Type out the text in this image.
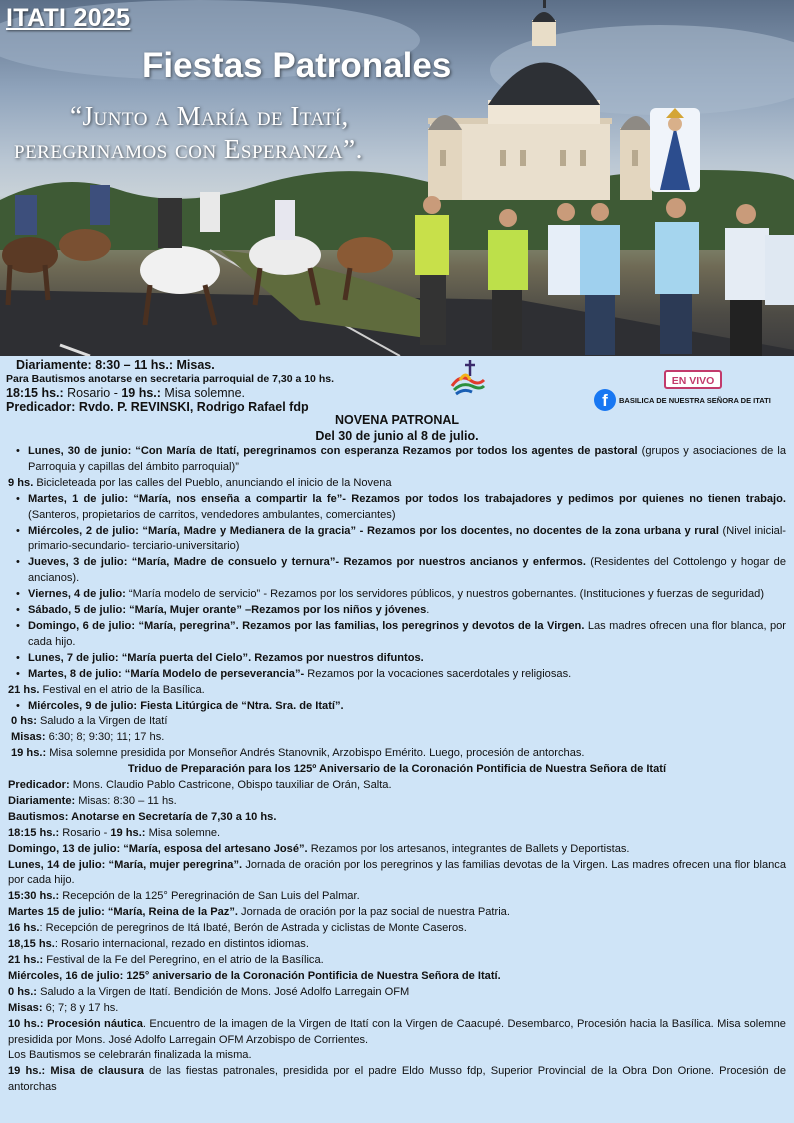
ITATI 2025
Fiestas Patronales

“Junto a María de Itatí,
peregrinamos con Esperanza”.

Diariamente: 8:30 – 11 hs.: Misas.
Para Bautismos anotarse en secretaria parroquial de 7,30 a 10 hs.
18:15 hs.: Rosario - 19 hs.: Misa solemne.
Predicador: Rvdo. P. REVINSKI, Rodrigo Rafael fdp
EN VIVO
f	BASILICA DE NUESTRA SEÑORA DE ITATI

NOVENA PATRONAL

Del 30 de junio al 8 de julio.

• Lunes, 30 de junio: “Con María de Itatí, peregrinamos con esperanza Rezamos por todos los agentes de pastoral (grupos y asociaciones de la Parroquia y capillas del ámbito parroquial)”

9 hs. Bicicleteada por las calles del Pueblo, anunciando el inicio de la Novena

• Martes, 1 de julio: “María, nos enseña a compartir la fe”- Rezamos por todos los trabajadores y pedimos por quienes no tienen trabajo. (Santeros, propietarios de carritos, vendedores ambulantes, comerciantes)

• Miércoles, 2 de julio: “María, Madre y Medianera de la gracia” - Rezamos por los docentes, no docentes de la zona urbana y rural (Nivel inicial-primario-secundario- terciario-universitario)

• Jueves, 3 de julio: “María, Madre de consuelo y ternura”- Rezamos por nuestros ancianos y enfermos. (Residentes del Cottolengo y hogar de ancianos).

• Viernes, 4 de julio: “María modelo de servicio” - Rezamos por los servidores públicos, y nuestros gobernantes. (Instituciones y fuerzas de seguridad)

• Sábado, 5 de julio: “María, Mujer orante” –Rezamos por los niños y jóvenes.

• Domingo, 6 de julio: “María, peregrina”. Rezamos por las familias, los peregrinos y devotos de la Virgen. Las madres ofrecen una flor blanca, por cada hijo.

• Lunes, 7 de julio: “María puerta del Cielo”. Rezamos por nuestros difuntos.

• Martes, 8 de julio: “María Modelo de perseverancia”- Rezamos por la vocaciones sacerdotales y religiosas.

21 hs. Festival en el atrio de la Basílica.

• Miércoles, 9 de julio: Fiesta Litúrgica de “Ntra. Sra. de Itatí”.

0 hs: Saludo a la Virgen de Itatí

Misas: 6:30; 8; 9:30; 11; 17 hs.

19 hs.: Misa solemne presidida por Monseñor Andrés Stanovnik, Arzobispo Emérito. Luego, procesión de antorchas.

Triduo de Preparación para los 125º Aniversario de la Coronación Pontificia de Nuestra Señora de Itatí

Predicador: Mons. Claudio Pablo Castricone, Obispo tauxiliar de Orán, Salta.

Diariamente: Misas: 8:30 – 11 hs.

Bautismos: Anotarse en Secretaría de 7,30 a 10 hs.

18:15 hs.: Rosario - 19 hs.: Misa solemne.

Domingo, 13 de julio: “María, esposa del artesano José”. Rezamos por los artesanos, integrantes de Ballets y Deportistas.

Lunes, 14 de julio: “María, mujer peregrina”. Jornada de oración por los peregrinos y las familias devotas de la Virgen. Las madres ofrecen una flor blanca por cada hijo.

15:30 hs.: Recepción de la 125° Peregrinación de San Luis del Palmar.

Martes 15 de julio: “María, Reina de la Paz”. Jornada de oración por la paz social de nuestra Patria.

16 hs.: Recepción de peregrinos de Itá Ibaté, Berón de Astrada y ciclistas de Monte Caseros.

18,15 hs.: Rosario internacional, rezado en distintos idiomas.

21 hs.: Festival de la Fe del Peregrino, en el atrio de la Basílica.

Miércoles, 16 de julio: 125° aniversario de la Coronación Pontificia de Nuestra Señora de Itatí.

0 hs.: Saludo a la Virgen de Itatí. Bendición de Mons. José Adolfo Larregain OFM

Misas: 6; 7; 8 y 17 hs.

10 hs.: Procesión náutica. Encuentro de la imagen de la Virgen de Itatí con la Virgen de Caacupé. Desembarco, Procesión hacia la Basílica. Misa solemne presidida por Mons. José Adolfo Larregain OFM Arzobispo de Corrientes.

Los Bautismos se celebrarán finalizada la misma.

19 hs.: Misa de clausura de las fiestas patronales, presidida por el padre Eldo Musso fdp, Superior Provincial de la Obra Don Orione. Procesión de antorchas
